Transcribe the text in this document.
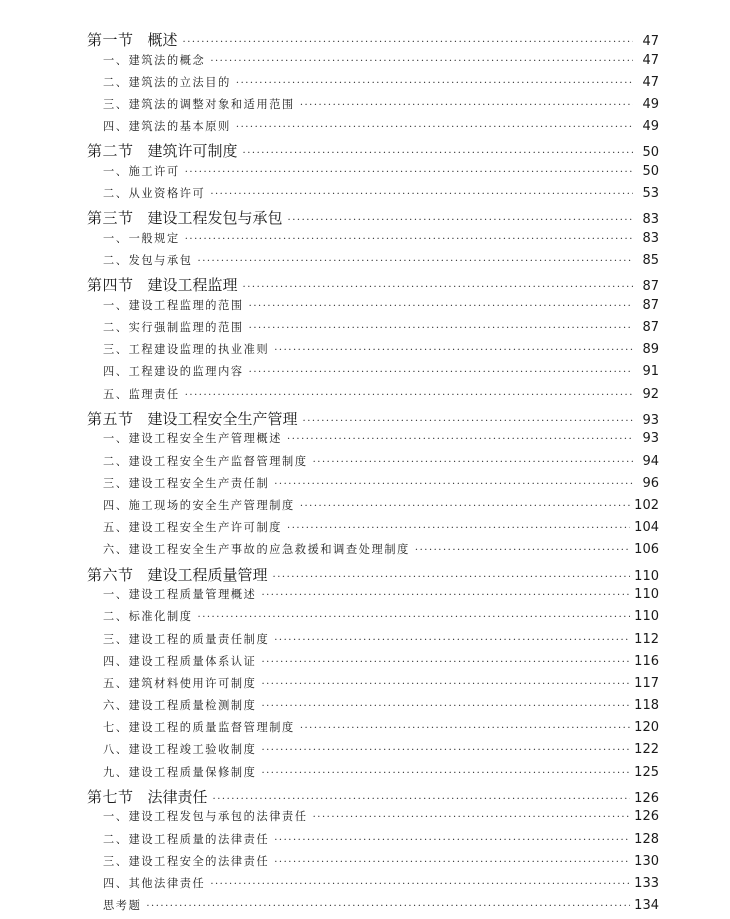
第一节 概述 ·····	47
一、建筑法的概念 ·····	47
二、建筑法的立法目的 ·····	47
三、建筑法的调整对象和适用范围 ·····	49
四、建筑法的基本原则 ·····	49
第二节 建筑许可制度 ·····	50
一、施工许可 ·····	50
二、从业资格许可 ·····	53
第三节 建设工程发包与承包 ·····	83
一、一般规定 ·····	83
二、发包与承包 ·····	85
第四节 建设工程监理 ·····	87
一、建设工程监理的范围 ·····	87
二、实行强制监理的范围 ·····	87
三、工程建设监理的执业准则 ·····	89
四、工程建设的监理内容 ·····	91
五、监理责任 ·····	92
第五节 建设工程安全生产管理 ·····	93
一、建设工程安全生产管理概述 ·····	93
二、建设工程安全生产监督管理制度 ·····	94
三、建设工程安全生产责任制 ·····	96
四、施工现场的安全生产管理制度 ·····	102
五、建设工程安全生产许可制度 ·····	104
六、建设工程安全生产事故的应急救援和调查处理制度 ·····	106
第六节 建设工程质量管理 ·····	110
一、建设工程质量管理概述 ·····	110
二、标准化制度 ·····	110
三、建设工程的质量责任制度 ·····	112
四、建设工程质量体系认证 ·····	116
五、建筑材料使用许可制度 ·····	117
六、建设工程质量检测制度 ·····	118
七、建设工程的质量监督管理制度 ·····	120
八、建设工程竣工验收制度 ·····	122
九、建设工程质量保修制度 ·····	125
第七节 法律责任 ·····	126
一、建设工程发包与承包的法律责任 ·····	126
二、建设工程质量的法律责任 ·····	128
三、建设工程安全的法律责任 ·····	130
四、其他法律责任 ·····	133
思考题 ·····	134
